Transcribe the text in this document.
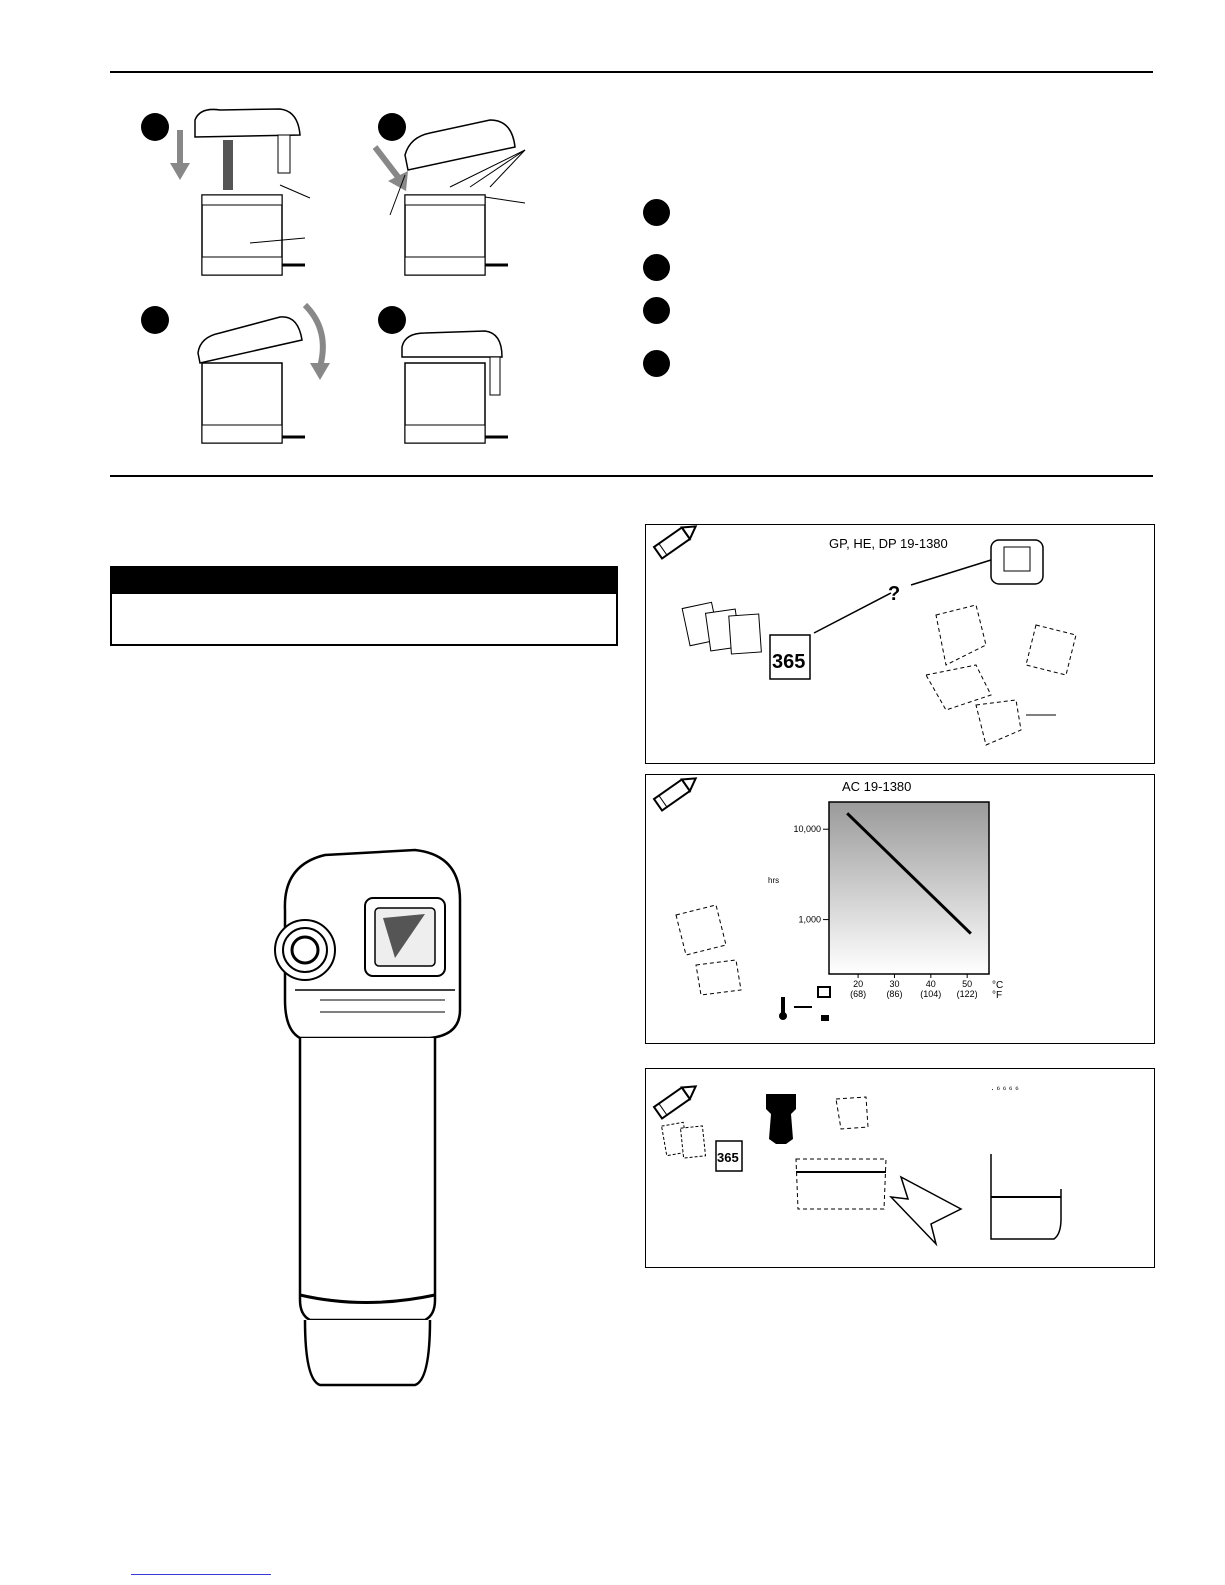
365
GP, HE, DP 19-1380
?
10,000
1,000
20
(68)
30
(86)
40
(104)
50
(122)
hrs
°C
°F
AC 19-1380
365
· ⁶ ⁶ ⁶ ⁶
